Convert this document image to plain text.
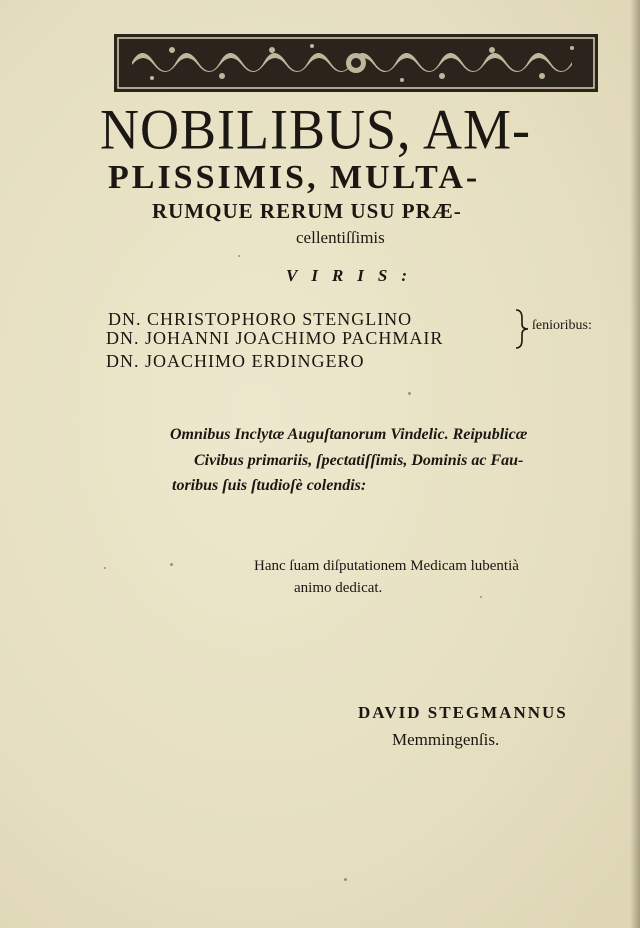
NOBILIBUS, AM-
PLISSIMIS, MULTA-
RUMQUE RERUM USU PRÆ-
cellentiſſimis
VIRIS:
DN. CHRISTOPHORO STENGLINO
DN. JOHANNI JOACHIMO PACHMAIR
DN. JOACHIMO ERDINGERO
ſenioribus:
Omnibus Inclytæ Auguſtanorum Vindelic. Reipublicæ
Civibus primariis, ſpectatiſſimis, Dominis ac Fau-
toribus ſuis ſtudioſè colendis:
Hanc ſuam diſputationem Medicam lubentià
animo dedicat.
DAVID STEGMANNUS
Memmingenſis.
